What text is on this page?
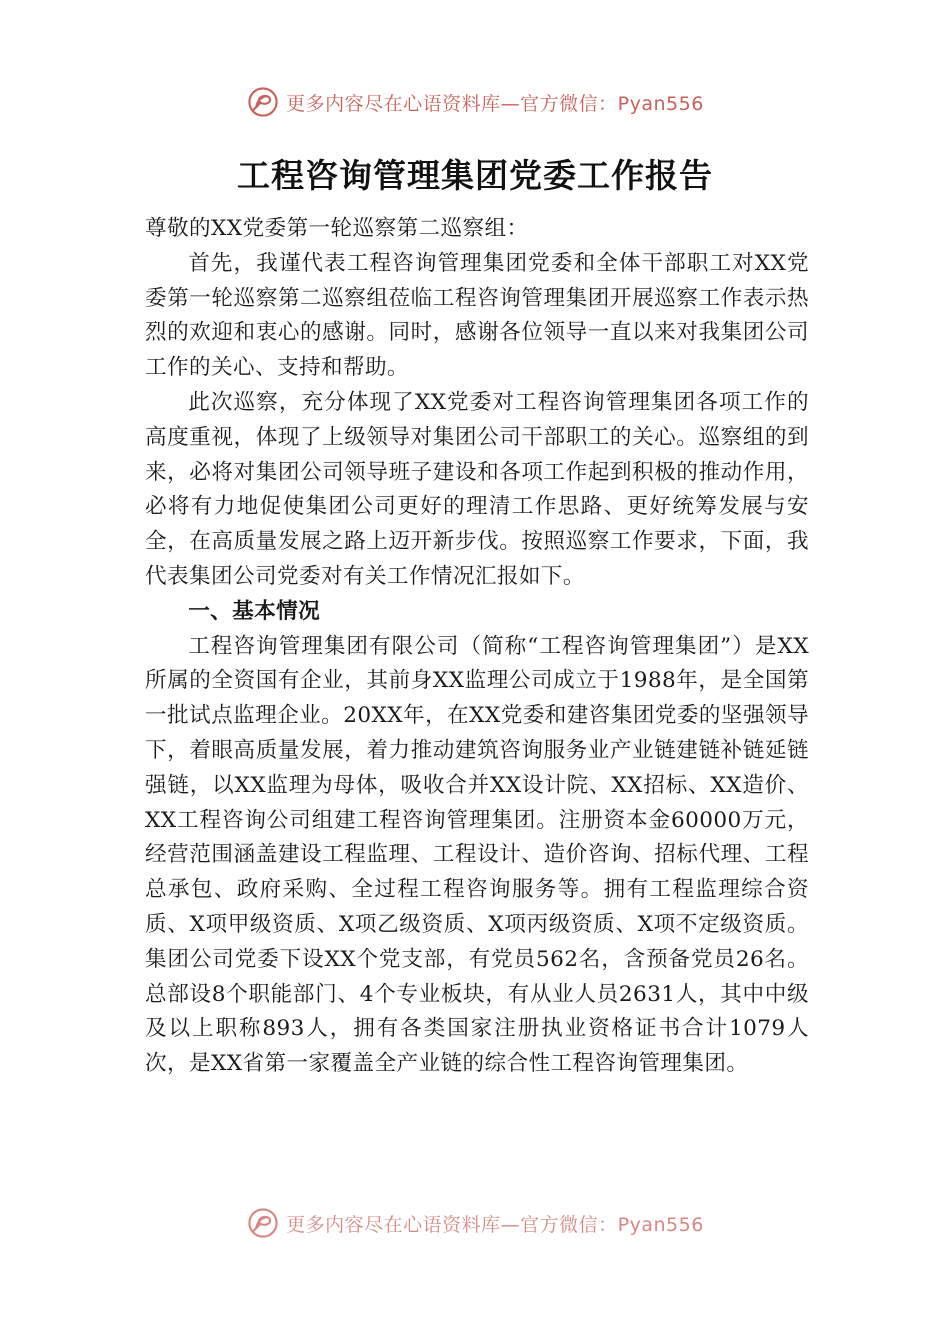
更多内容尽在心语资料库—官方微信：Pyan556
工程咨询管理集团党委工作报告

尊敬的XX党委第一轮巡察第二巡察组：

首先，我谨代表工程咨询管理集团党委和全体干部职工对XX党委第一轮巡察第二巡察组莅临工程咨询管理集团开展巡察工作表示热烈的欢迎和衷心的感谢。同时，感谢各位领导一直以来对我集团公司工作的关心、支持和帮助。

此次巡察，充分体现了XX党委对工程咨询管理集团各项工作的高度重视，体现了上级领导对集团公司干部职工的关心。巡察组的到来，必将对集团公司领导班子建设和各项工作起到积极的推动作用，必将有力地促使集团公司更好的理清工作思路、更好统筹发展与安全，在高质量发展之路上迈开新步伐。按照巡察工作要求，下面，我代表集团公司党委对有关工作情况汇报如下。

一、基本情况

工程咨询管理集团有限公司（简称“工程咨询管理集团”）是XX所属的全资国有企业，其前身XX监理公司成立于1988年，是全国第一批试点监理企业。20XX年，在XX党委和建咨集团党委的坚强领导下，着眼高质量发展，着力推动建筑咨询服务业产业链建链补链延链强链，以XX监理为母体，吸收合并XX设计院、XX招标、XX造价、XX工程咨询公司组建工程咨询管理集团。注册资本金60000万元，经营范围涵盖建设工程监理、工程设计、造价咨询、招标代理、工程总承包、政府采购、全过程工程咨询服务等。拥有工程监理综合资质、X项甲级资质、X项乙级资质、X项丙级资质、X项不定级资质。集团公司党委下设XX个党支部，有党员562名，含预备党员26名。总部设8个职能部门、4个专业板块，有从业人员2631人，其中中级及以上职称893人，拥有各类国家注册执业资格证书合计1079人次，是XX省第一家覆盖全产业链的综合性工程咨询管理集团。

更多内容尽在心语资料库—官方微信：Pyan556
